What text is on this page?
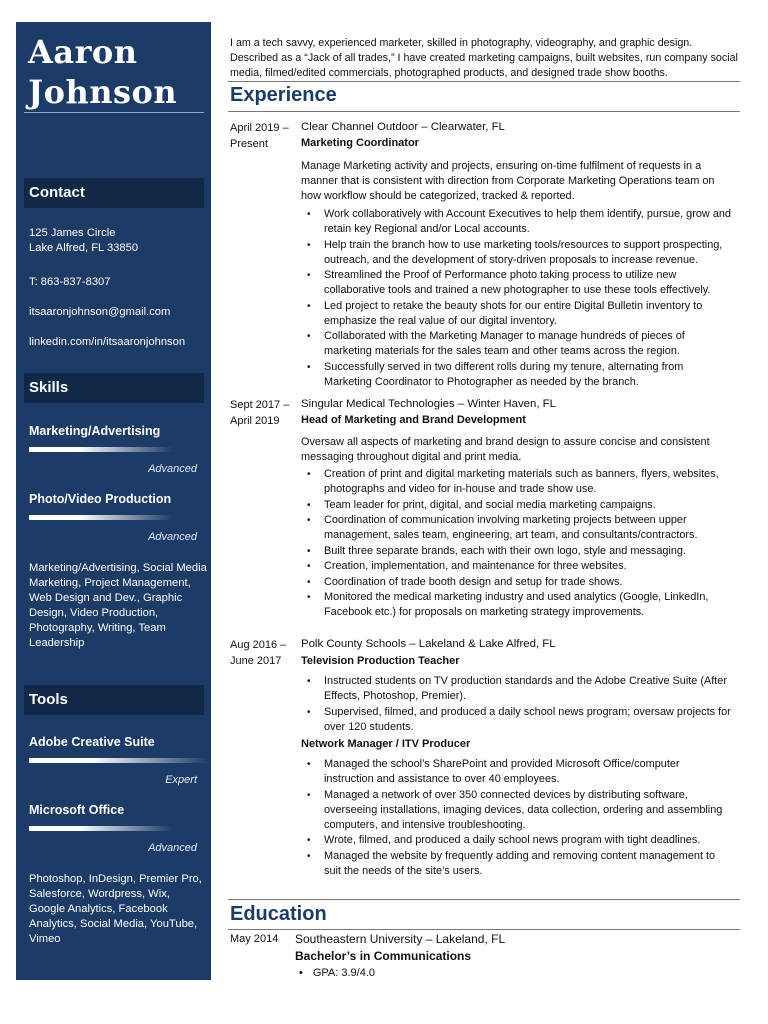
Aaron
Johnson
Contact
125 James Circle
Lake Alfred, FL 33850
T: 863-837-8307
itsaaronjohnson@gmail.com
linkedin.com/in/itsaaronjohnson
Skills
Marketing/Advertising
Advanced
Photo/Video Production
Advanced
Marketing/Advertising, Social Media Marketing, Project Management, Web Design and Dev., Graphic Design, Video Production, Photography, Writing, Team Leadership
Tools
Adobe Creative Suite
Expert
Microsoft Office
Advanced
Photoshop, InDesign, Premier Pro, Salesforce, Wordpress, Wix, Google Analytics, Facebook Analytics, Social Media, YouTube, Vimeo
I am a tech savvy, experienced marketer, skilled in photography, videography, and graphic design. Described as a “Jack of all trades,” I have created marketing campaigns, built websites, run company social media, filmed/edited commercials, photographed products, and designed trade show booths.
Experience
April 2019 –
Present
Clear Channel Outdoor – Clearwater, FL
Marketing Coordinator
Manage Marketing activity and projects, ensuring on-time fulfilment of requests in a manner that is consistent with direction from Corporate Marketing Operations team on how workflow should be categorized, tracked & reported.
• Work collaboratively with Account Executives to help them identify, pursue, grow and retain key Regional and/or Local accounts.
• Help train the branch how to use marketing tools/resources to support prospecting, outreach, and the development of story-driven proposals to increase revenue.
• Streamlined the Proof of Performance photo taking process to utilize new collaborative tools and trained a new photographer to use these tools effectively.
• Led project to retake the beauty shots for our entire Digital Bulletin inventory to emphasize the real value of our digital inventory.
• Collaborated with the Marketing Manager to manage hundreds of pieces of marketing materials for the sales team and other teams across the region.
• Successfully served in two different rolls during my tenure, alternating from Marketing Coordinator to Photographer as needed by the branch.
Sept 2017 –
April 2019
Singular Medical Technologies – Winter Haven, FL
Head of Marketing and Brand Development
Oversaw all aspects of marketing and brand design to assure concise and consistent messaging throughout digital and print media.
• Creation of print and digital marketing materials such as banners, flyers, websites, photographs and video for in-house and trade show use.
• Team leader for print, digital, and social media marketing campaigns.
• Coordination of communication involving marketing projects between upper management, sales team, engineering, art team, and consultants/contractors.
• Built three separate brands, each with their own logo, style and messaging.
• Creation, implementation, and maintenance for three websites.
• Coordination of trade booth design and setup for trade shows.
• Monitored the medical marketing industry and used analytics (Google, LinkedIn, Facebook etc.) for proposals on marketing strategy improvements.
Aug 2016 –
June 2017
Polk County Schools – Lakeland & Lake Alfred, FL
Television Production Teacher
• Instructed students on TV production standards and the Adobe Creative Suite (After Effects, Photoshop, Premier).
• Supervised, filmed, and produced a daily school news program; oversaw projects for over 120 students.
Network Manager / ITV Producer
• Managed the school’s SharePoint and provided Microsoft Office/computer instruction and assistance to over 40 employees.
• Managed a network of over 350 connected devices by distributing software, overseeing installations, imaging devices, data collection, ordering and assembling computers, and intensive troubleshooting.
• Wrote, filmed, and produced a daily school news program with tight deadlines.
• Managed the website by frequently adding and removing content management to suit the needs of the site’s users.
Education
May 2014 Southeastern University – Lakeland, FL
Bachelor’s in Communications
• GPA: 3.9/4.0
